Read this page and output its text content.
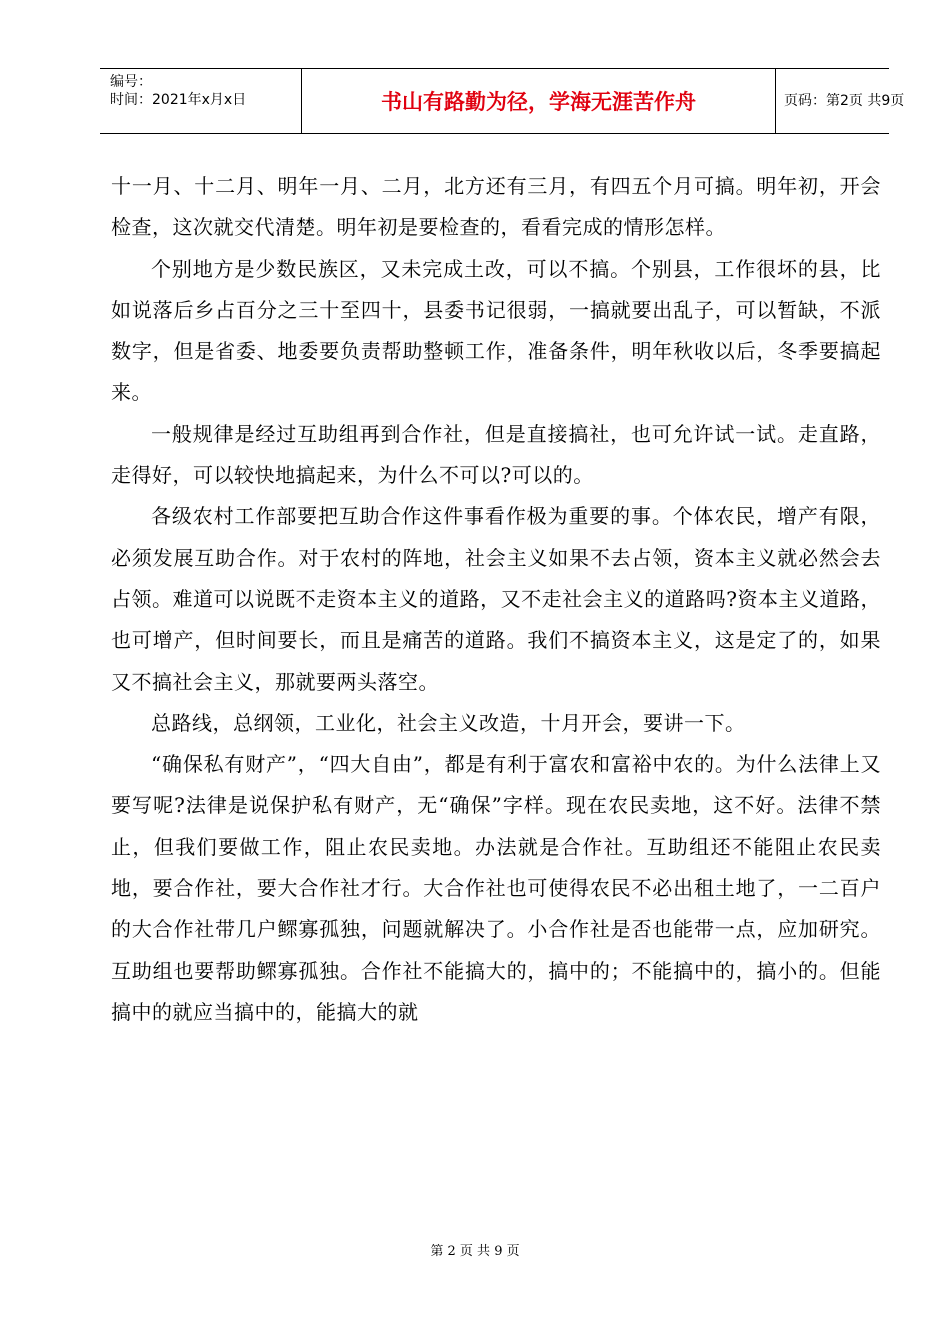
编号：
时间：2021年x月x日	书山有路勤为径，学海无涯苦作舟	页码：第2页 共9页

十一月、十二月、明年一月、二月，北方还有三月，有四五个月可搞。明年初，开会检查，这次就交代清楚。明年初是要检查的，看看完成的情形怎样。

个别地方是少数民族区，又未完成土改，可以不搞。个别县，工作很坏的县，比如说落后乡占百分之三十至四十，县委书记很弱，一搞就要出乱子，可以暂缺，不派数字，但是省委、地委要负责帮助整顿工作，准备条件，明年秋收以后，冬季要搞起来。

一般规律是经过互助组再到合作社，但是直接搞社，也可允许试一试。走直路，走得好，可以较快地搞起来，为什么不可以?可以的。

各级农村工作部要把互助合作这件事看作极为重要的事。个体农民，增产有限，必须发展互助合作。对于农村的阵地，社会主义如果不去占领，资本主义就必然会去占领。难道可以说既不走资本主义的道路，又不走社会主义的道路吗?资本主义道路，也可增产，但时间要长，而且是痛苦的道路。我们不搞资本主义，这是定了的，如果又不搞社会主义，那就要两头落空。

总路线，总纲领，工业化，社会主义改造，十月开会，要讲一下。

“确保私有财产”，“四大自由”，都是有利于富农和富裕中农的。为什么法律上又要写呢?法律是说保护私有财产，无“确保”字样。现在农民卖地，这不好。法律不禁止，但我们要做工作，阻止农民卖地。办法就是合作社。互助组还不能阻止农民卖地，要合作社，要大合作社才行。大合作社也可使得农民不必出租土地了，一二百户的大合作社带几户鳏寡孤独，问题就解决了。小合作社是否也能带一点，应加研究。互助组也要帮助鳏寡孤独。合作社不能搞大的，搞中的；不能搞中的，搞小的。但能搞中的就应当搞中的，能搞大的就

第 2 页 共 9 页
